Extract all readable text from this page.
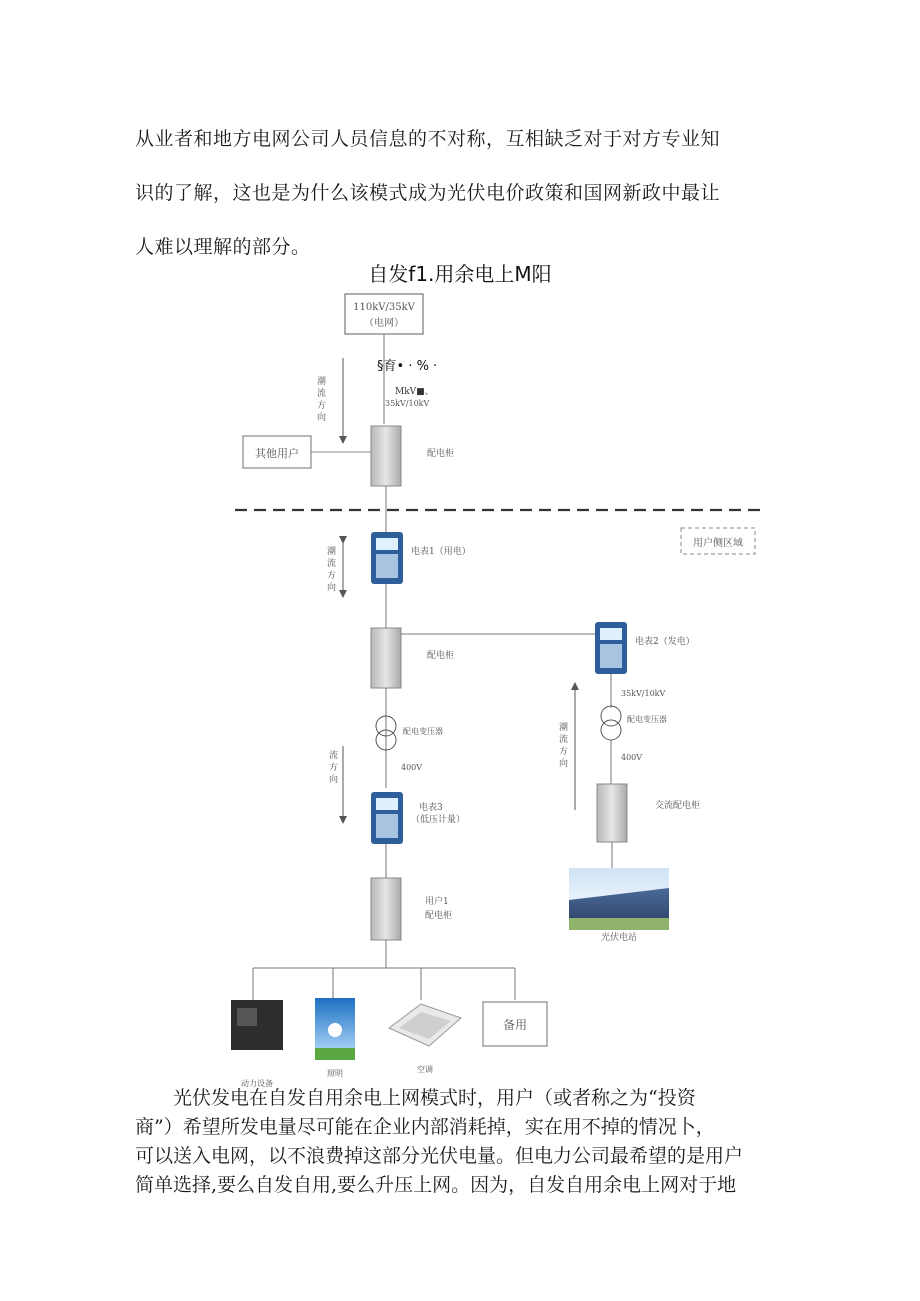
从业者和地方电网公司人员信息的不对称，互相缺乏对于对方专业知
识的了解，这也是为什么该模式成为光伏电价政策和国网新政中最让
人难以理解的部分。

自发f1.用余电上M阳
110kV/35kV
（电网）
§育• · % ·
MkV■、
35kV/10kV
潮
流
方
向
其他用户	配电柜
用户侧区域
电表1（用电）
潮
流
方
向
配电柜
电表2（发电）
35kV/10kV
配电变压器
400V
潮
流
方
向
交流配电柜
光伏电站
配电变压器
400V
流
方
向
电表3
（低压计量）
用户1
配电柜
动力设备
照明	空调
备用

光伏发电在自发自用余电上网模式时，用户（或者称之为“投资
商”）希望所发电量尽可能在企业内部消耗掉，实在用不掉的情况卜，
可以送入电网，以不浪费掉这部分光伏电量。但电力公司最希望的是用户
简单选择,要么自发自用,要么升压上网。因为，自发自用余电上网对于地
